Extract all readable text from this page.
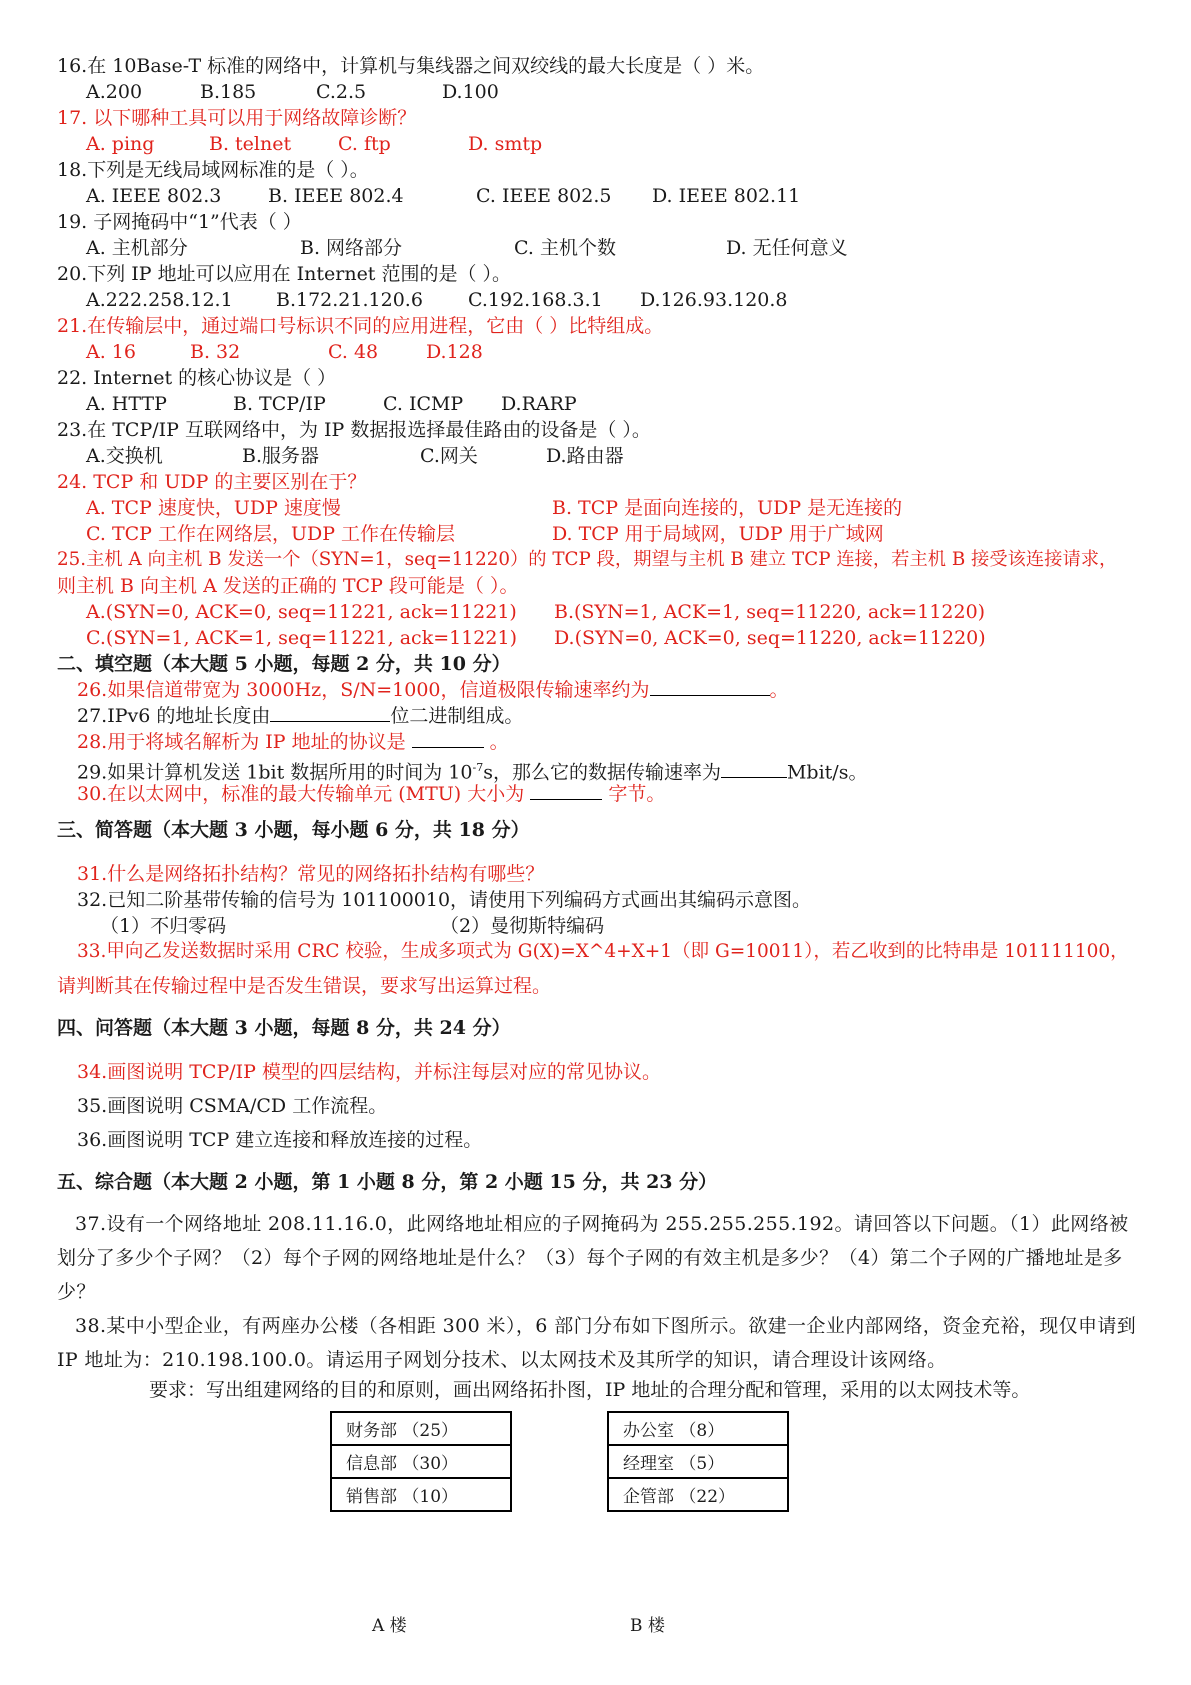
16.在 10Base-T 标准的网络中，计算机与集线器之间双绞线的最大长度是（ ）米。
A.200	B.185	C.2.5	D.100
17. 以下哪种工具可以用于网络故障诊断？
A. ping	B. telnet C. ftp	D. smtp
18.下列是无线局域网标准的是（ ）。
A. IEEE 802.3 B. IEEE 802.4	C. IEEE 802.5 D. IEEE 802.11
19. 子网掩码中“1”代表（ ）
A. 主机部分	B. 网络部分	C. 主机个数	D. 无任何意义
20.下列 IP 地址可以应用在 Internet 范围的是（ ）。
A.222.258.12.1 B.172.21.120.6 C.192.168.3.1 D.126.93.120.8
21.在传输层中，通过端口号标识不同的应用进程，它由（ ）比特组成。
A. 16	B. 32	C. 48	D.128
22. Internet 的核心协议是（ ）
A. HTTP	B. TCP/IP	C. ICMP D.RARP
23.在 TCP/IP 互联网络中，为 IP 数据报选择最佳路由的设备是（ ）。
A.交换机	B.服务器	C.网关	D.路由器
24. TCP 和 UDP 的主要区别在于？
A. TCP 速度快，UDP 速度慢	B. TCP 是面向连接的，UDP 是无连接的
C. TCP 工作在网络层，UDP 工作在传输层	D. TCP 用于局域网，UDP 用于广域网
25.主机 A 向主机 B 发送一个（SYN=1，seq=11220）的 TCP 段，期望与主机 B 建立 TCP 连接，若主机 B 接受该连接请求，
则主机 B 向主机 A 发送的正确的 TCP 段可能是（ ）。
A.(SYN=0, ACK=0, seq=11221, ack=11221) B.(SYN=1, ACK=1, seq=11220, ack=11220)
C.(SYN=1, ACK=1, seq=11221, ack=11221) D.(SYN=0, ACK=0, seq=11220, ack=11220)
二、填空题（本大题 5 小题，每题 2 分，共 10 分）
26.如果信道带宽为 3000Hz，S/N=1000，信道极限传输速率约为	。
27.IPv6 的地址长度由	位二进制组成。
28.用于将域名解析为 IP 地址的协议是	。
29.如果计算机发送 1bit 数据所用的时间为 $10^{-7}s$，那么它的数据传输速率为	Mbit/s。
30.在以太网中，标准的最大传输单元 (MTU) 大小为	字节。
三、简答题（本大题 3 小题，每小题 6 分，共 18 分）
31.什么是网络拓扑结构？常见的网络拓扑结构有哪些？
32.已知二阶基带传输的信号为 101100010，请使用下列编码方式画出其编码示意图。
（1）不归零码	（2）曼彻斯特编码
33.甲向乙发送数据时采用 CRC 校验，生成多项式为 G(X)=X^4+X+1（即 G=10011），若乙收到的比特串是 101111100，
请判断其在传输过程中是否发生错误，要求写出运算过程。
四、问答题（本大题 3 小题，每题 8 分，共 24 分）
34.画图说明 TCP/IP 模型的四层结构，并标注每层对应的常见协议。
35.画图说明 CSMA/CD 工作流程。
36.画图说明 TCP 建立连接和释放连接的过程。
五、综合题（本大题 2 小题，第 1 小题 8 分，第 2 小题 15 分，共 23 分）
37.设有一个网络地址 208.11.16.0，此网络地址相应的子网掩码为 255.255.255.192。请回答以下问题。（1）此网络被划分了多少个子网？（2）每个子网的网络地址是什么？（3）每个子网的有效主机是多少？（4）第二个子网的广播地址是多少？
38.某中小型企业，有两座办公楼（各相距 300 米），6 部门分布如下图所示。欲建一企业内部网络，资金充裕，现仅申请到 IP 地址为：210.198.100.0。请运用子网划分技术、以太网技术及其所学的知识，请合理设计该网络。
要求：写出组建网络的目的和原则，画出网络拓扑图，IP 地址的合理分配和管理，采用的以太网技术等。
财务部 （25）
信息部 （30）
销售部 （10）
办公室 （8）
经理室 （5）
企管部 （22）
A 楼	B 楼
